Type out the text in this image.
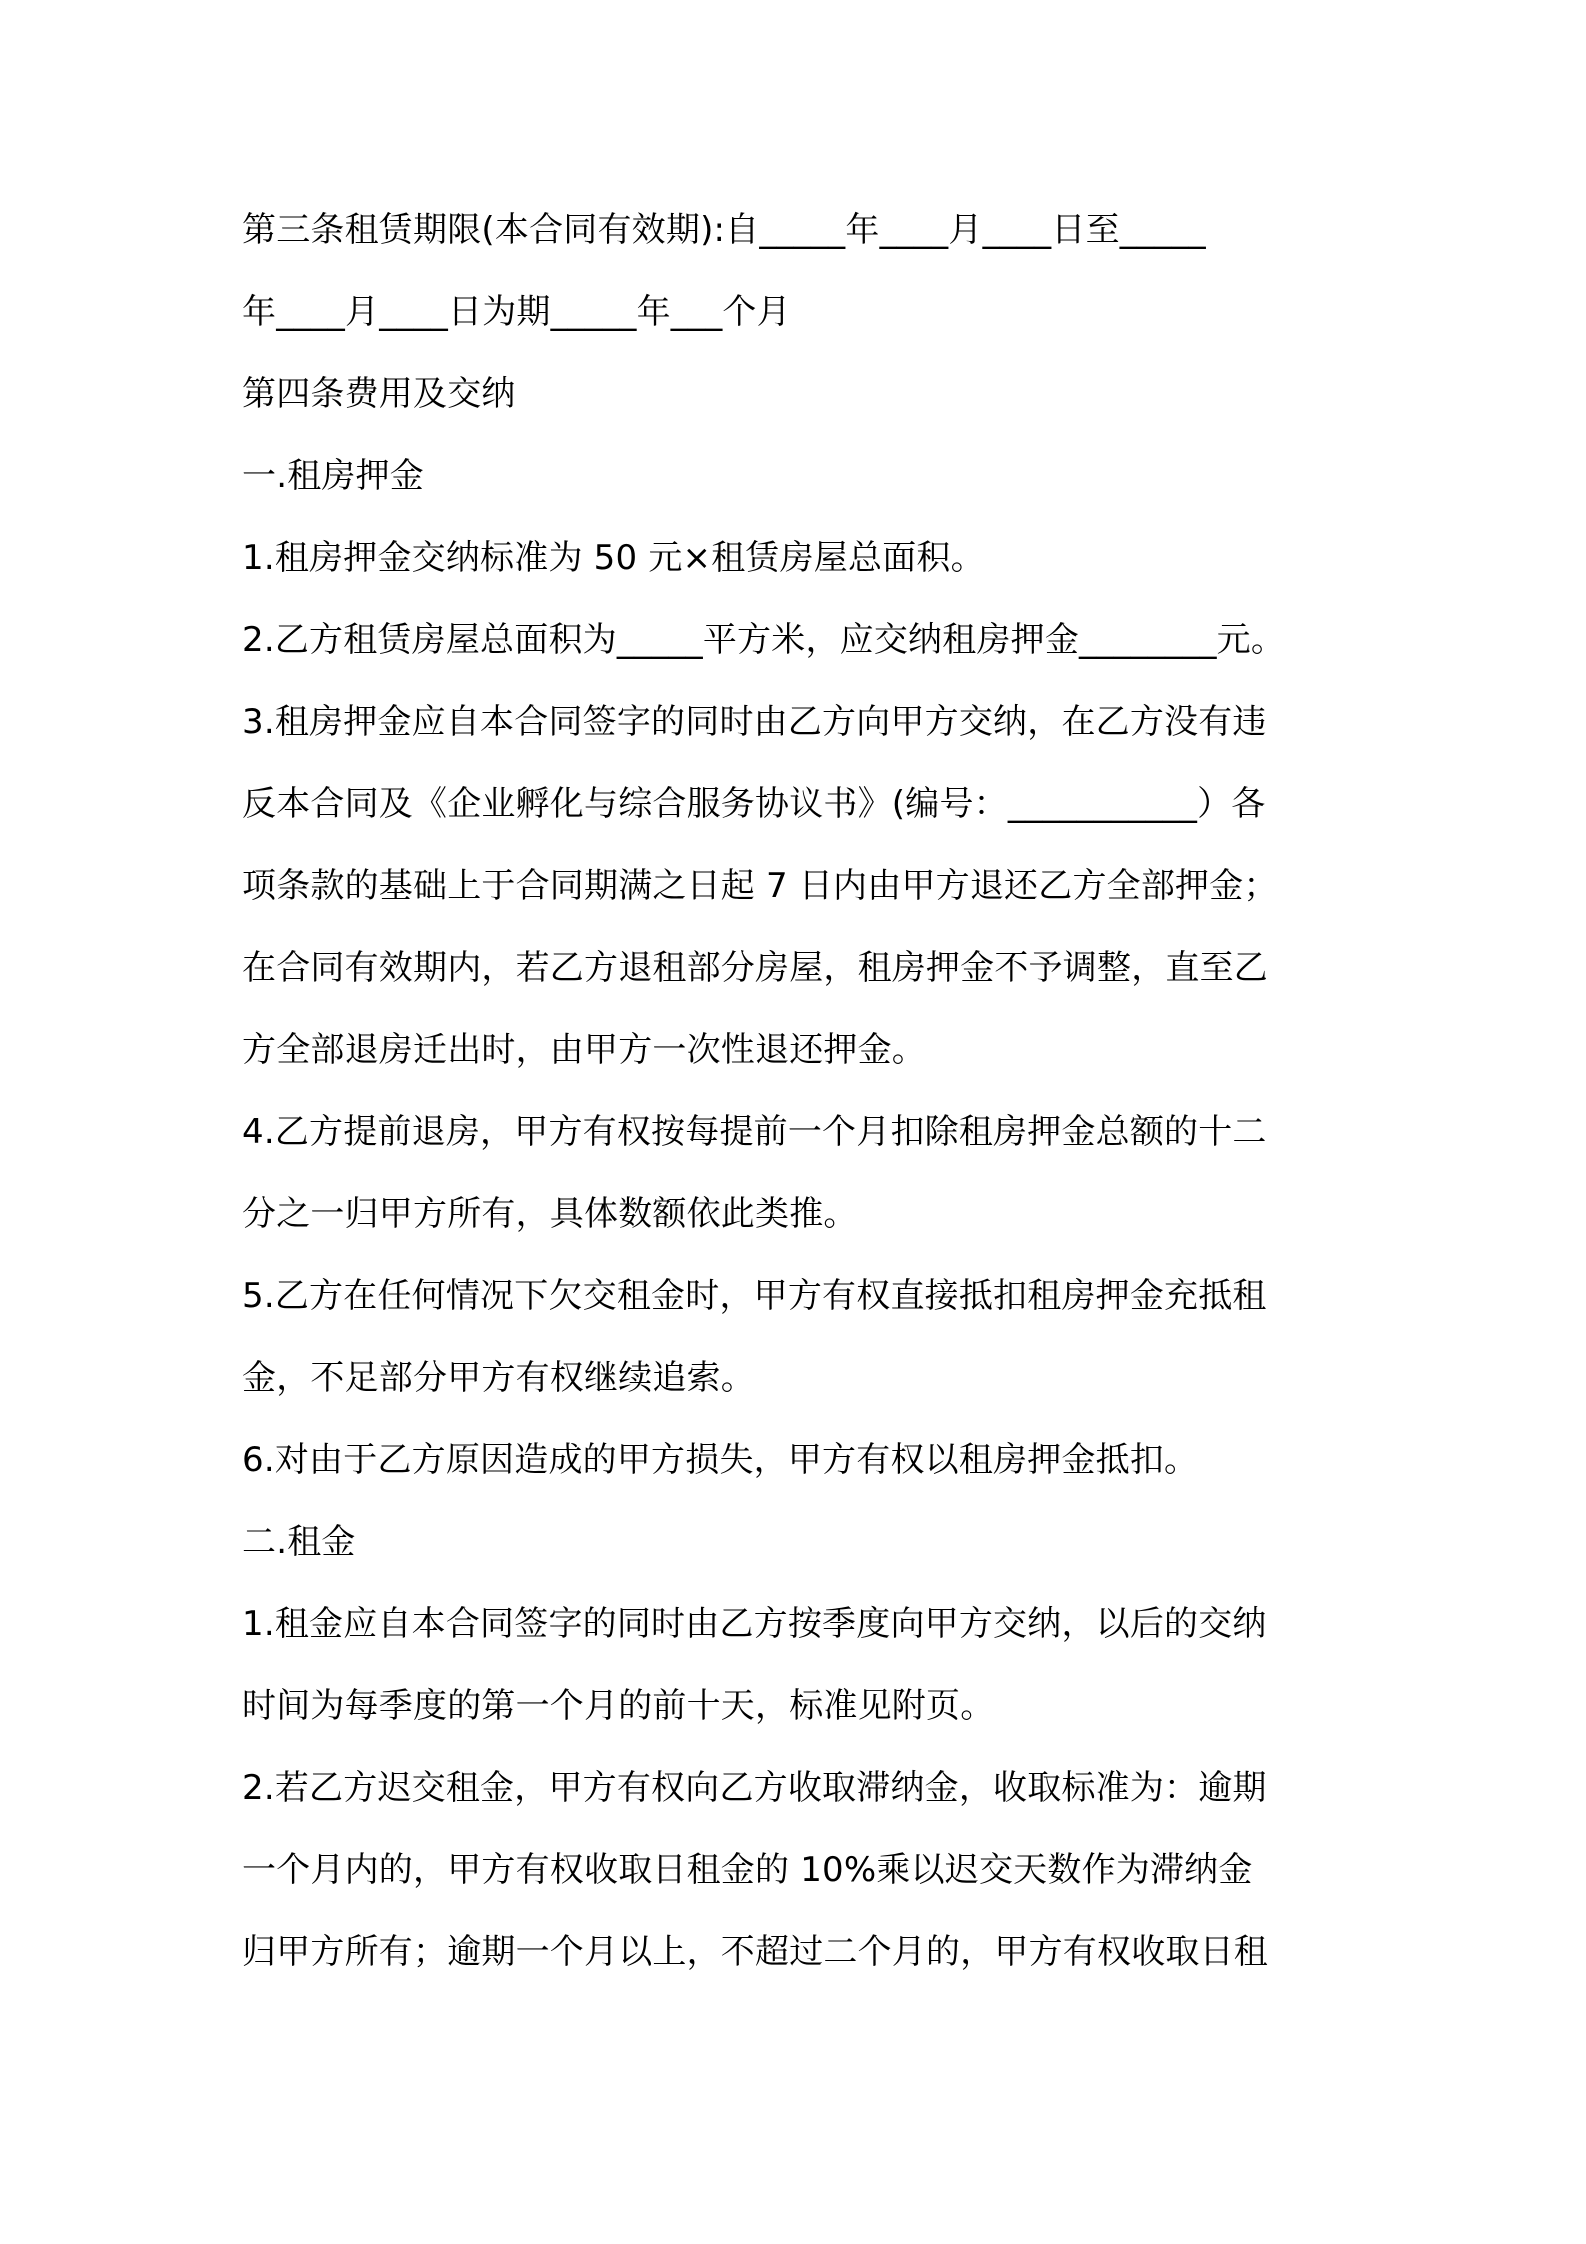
第三条租赁期限(本合同有效期):自_____年____月____日至_____
年____月____日为期_____年___个月
第四条费用及交纳
一.租房押金
1.租房押金交纳标准为 50 元×租赁房屋总面积。
2.乙方租赁房屋总面积为_____平方米，应交纳租房押金________元。
3.租房押金应自本合同签字的同时由乙方向甲方交纳，在乙方没有违
反本合同及《企业孵化与综合服务协议书》(编号：___________）各
项条款的基础上于合同期满之日起 7 日内由甲方退还乙方全部押金；
在合同有效期内，若乙方退租部分房屋，租房押金不予调整，直至乙
方全部退房迁出时，由甲方一次性退还押金。
4.乙方提前退房，甲方有权按每提前一个月扣除租房押金总额的十二
分之一归甲方所有，具体数额依此类推。
5.乙方在任何情况下欠交租金时，甲方有权直接抵扣租房押金充抵租
金，不足部分甲方有权继续追索。
6.对由于乙方原因造成的甲方损失，甲方有权以租房押金抵扣。
二.租金
1.租金应自本合同签字的同时由乙方按季度向甲方交纳，以后的交纳
时间为每季度的第一个月的前十天，标准见附页。
2.若乙方迟交租金，甲方有权向乙方收取滞纳金，收取标准为：逾期
一个月内的，甲方有权收取日租金的 10%乘以迟交天数作为滞纳金
归甲方所有；逾期一个月以上，不超过二个月的，甲方有权收取日租
